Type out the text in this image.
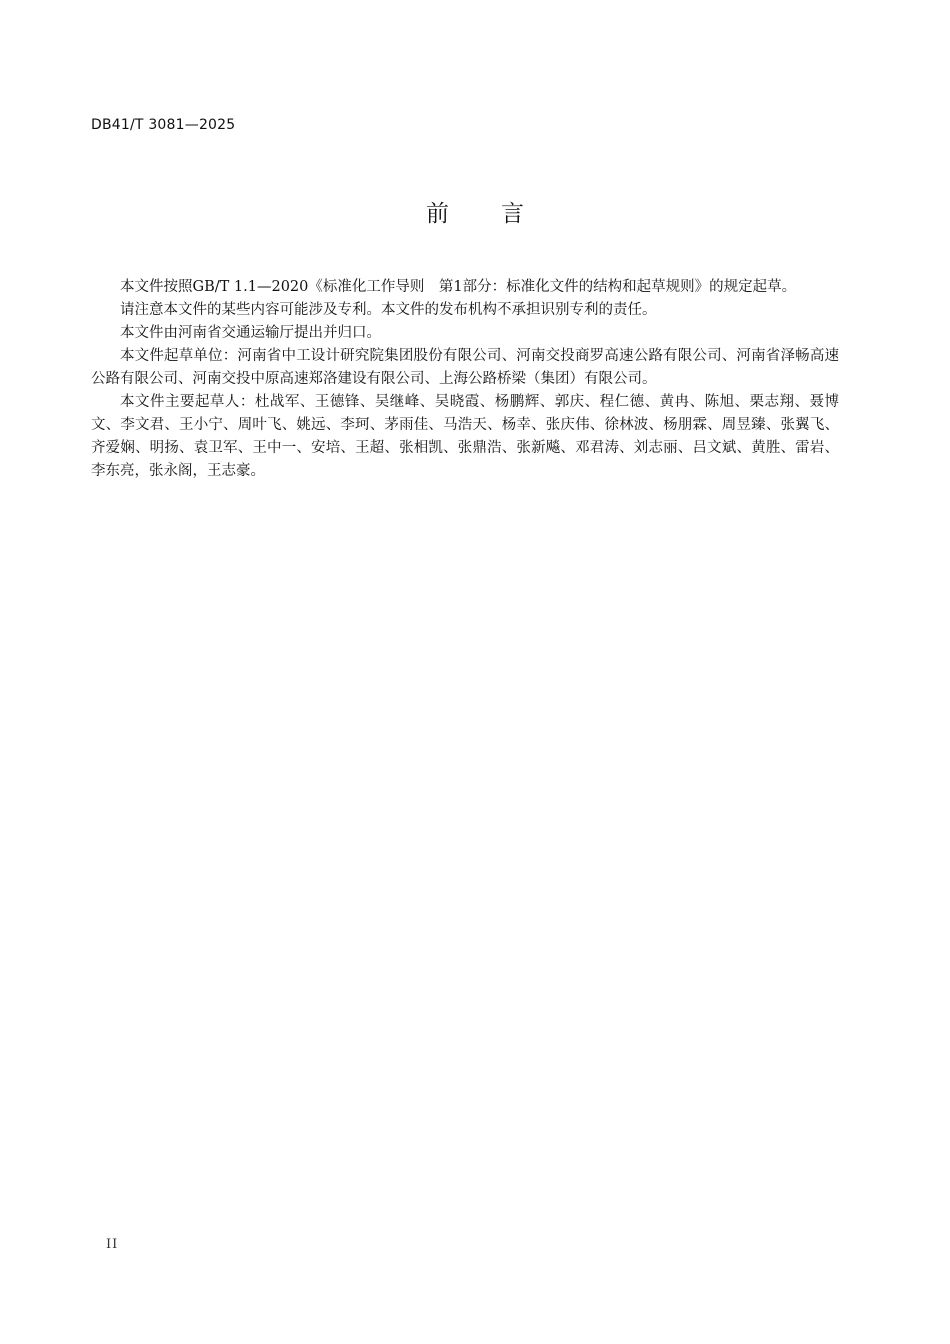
DB41/T 3081—2025
前言

本文件按照GB/T 1.1—2020《标准化工作导则　第1部分：标准化文件的结构和起草规则》的规定起草。

请注意本文件的某些内容可能涉及专利。本文件的发布机构不承担识别专利的责任。

本文件由河南省交通运输厅提出并归口。

本文件起草单位：河南省中工设计研究院集团股份有限公司、河南交投商罗高速公路有限公司、河南省泽畅高速公路有限公司、河南交投中原高速郑洛建设有限公司、上海公路桥梁（集团）有限公司。

本文件主要起草人：杜战军、王德锋、吴继峰、吴晓霞、杨鹏辉、郭庆、程仁德、黄冉、陈旭、栗志翔、聂博文、李文君、王小宁、周叶飞、姚远、李珂、茅雨佳、马浩天、杨幸、张庆伟、徐林波、杨朋霖、周昱臻、张翼飞、齐爱娴、明扬、袁卫军、王中一、安培、王超、张相凯、张鼎浩、张新飚、邓君涛、刘志丽、吕文斌、黄胜、雷岩、李东亮，张永阁，王志豪。

II
